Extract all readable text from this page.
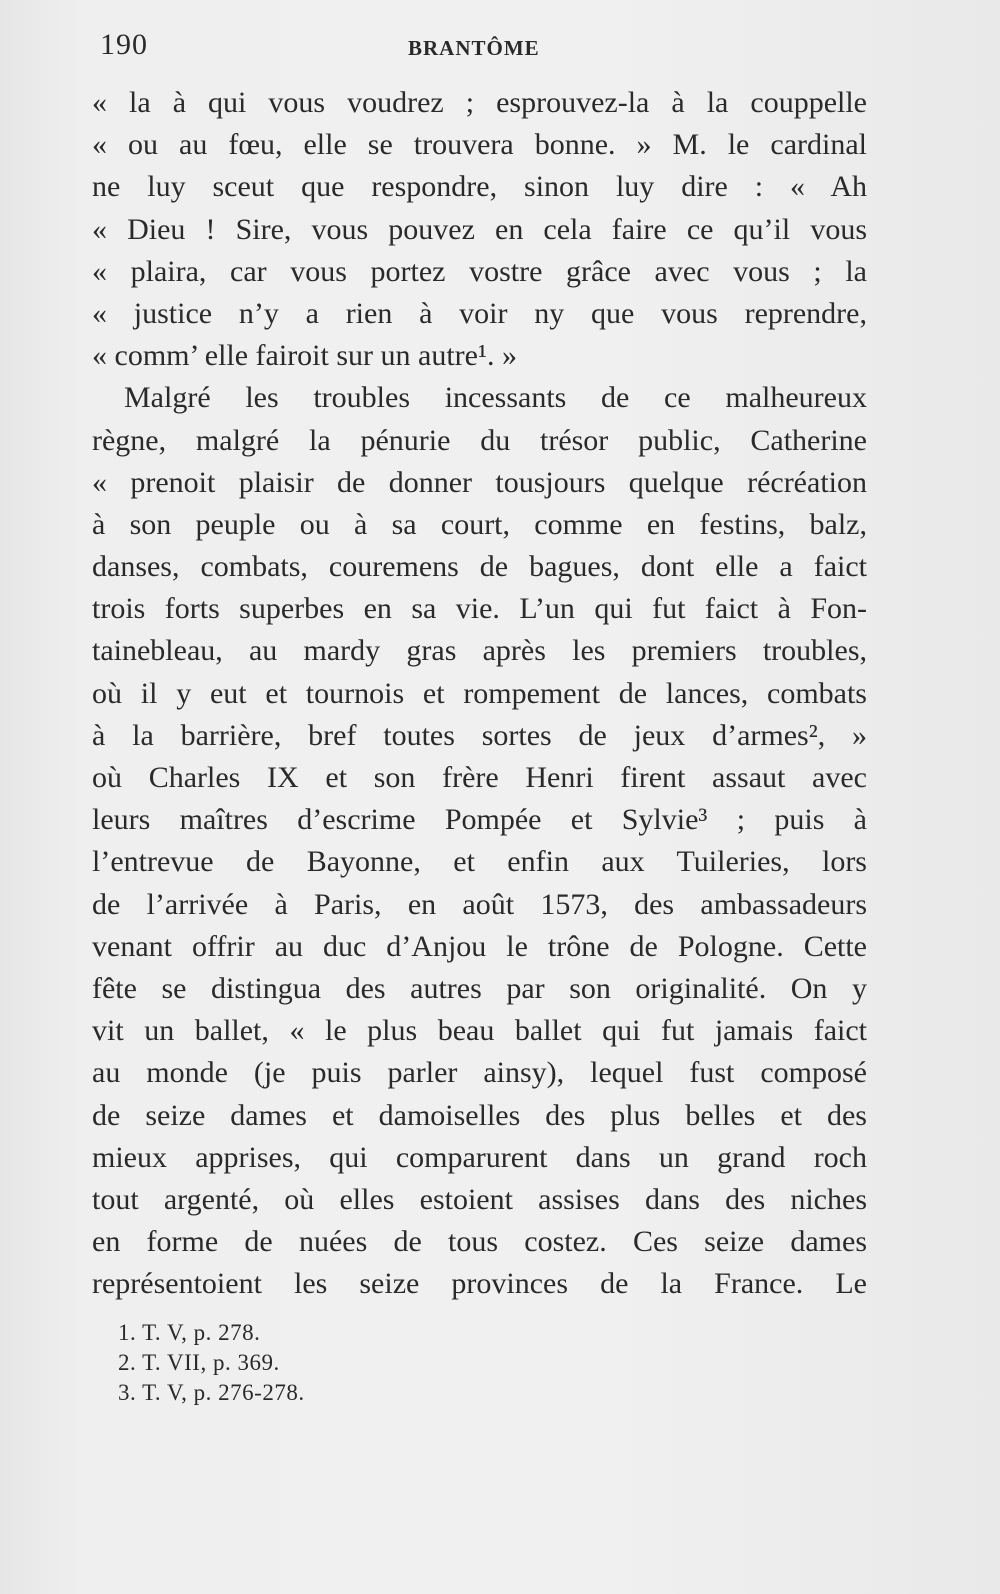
190	BRANTÔME
« la à qui vous voudrez ; esprouvez-la à la couppelle
« ou au fœu, elle se trouvera bonne. » M. le cardinal
ne luy sceut que respondre, sinon luy dire : « Ah
« Dieu ! Sire, vous pouvez en cela faire ce qu’il vous
« plaira, car vous portez vostre grâce avec vous ; la
« justice n’y a rien à voir ny que vous reprendre,
« comm’ elle fairoit sur un autre¹. »
Malgré les troubles incessants de ce malheureux
règne, malgré la pénurie du trésor public, Catherine
« prenoit plaisir de donner tousjours quelque récréation
à son peuple ou à sa court, comme en festins, balz,
danses, combats, couremens de bagues, dont elle a faict
trois forts superbes en sa vie. L’un qui fut faict à Fon-
tainebleau, au mardy gras après les premiers troubles,
où il y eut et tournois et rompement de lances, combats
à la barrière, bref toutes sortes de jeux d’armes², »
où Charles IX et son frère Henri firent assaut avec
leurs maîtres d’escrime Pompée et Sylvie³ ; puis à
l’entrevue de Bayonne, et enfin aux Tuileries, lors
de l’arrivée à Paris, en août 1573, des ambassadeurs
venant offrir au duc d’Anjou le trône de Pologne. Cette
fête se distingua des autres par son originalité. On y
vit un ballet, « le plus beau ballet qui fut jamais faict
au monde (je puis parler ainsy), lequel fust composé
de seize dames et damoiselles des plus belles et des
mieux apprises, qui comparurent dans un grand roch
tout argenté, où elles estoient assises dans des niches
en forme de nuées de tous costez. Ces seize dames
représentoient les seize provinces de la France. Le
1. T. V, p. 278.
2. T. VII, p. 369.
3. T. V, p. 276-278.
